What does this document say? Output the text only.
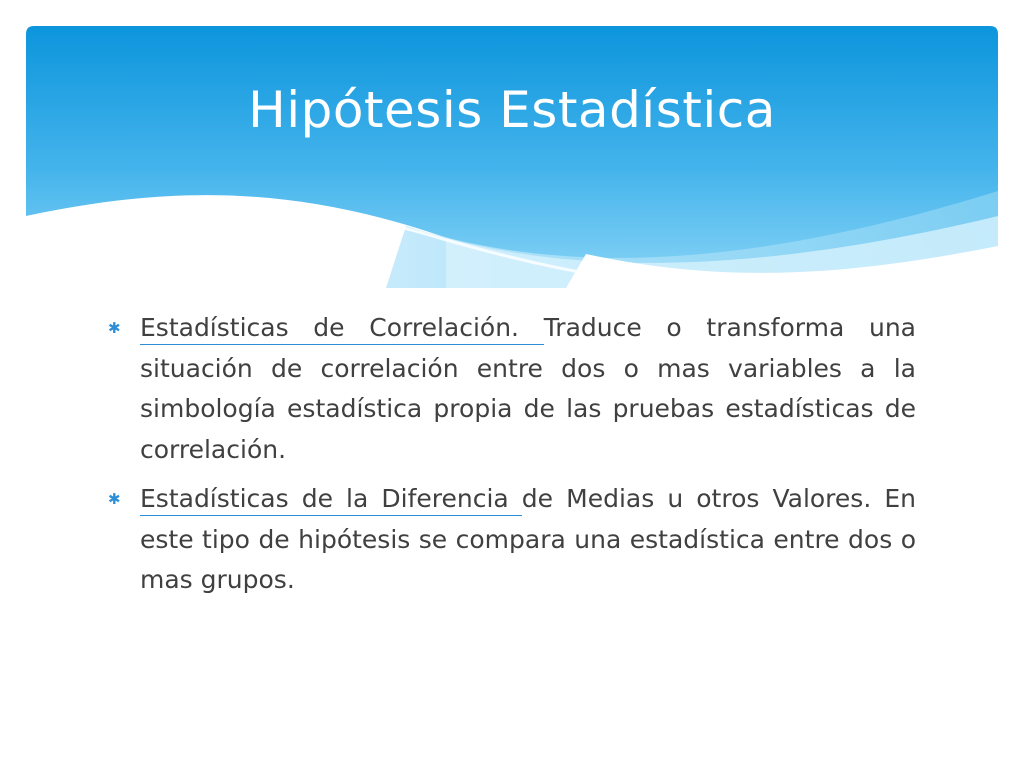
Hipótesis Estadística
✱ Estadísticas de Correlación. Traduce o transforma una situación de correlación entre dos o mas variables a la simbología estadística propia de las pruebas estadísticas de correlación.
✱ Estadísticas de la Diferencia de Medias u otros Valores. En este tipo de hipótesis se compara una estadística entre dos o mas grupos.
